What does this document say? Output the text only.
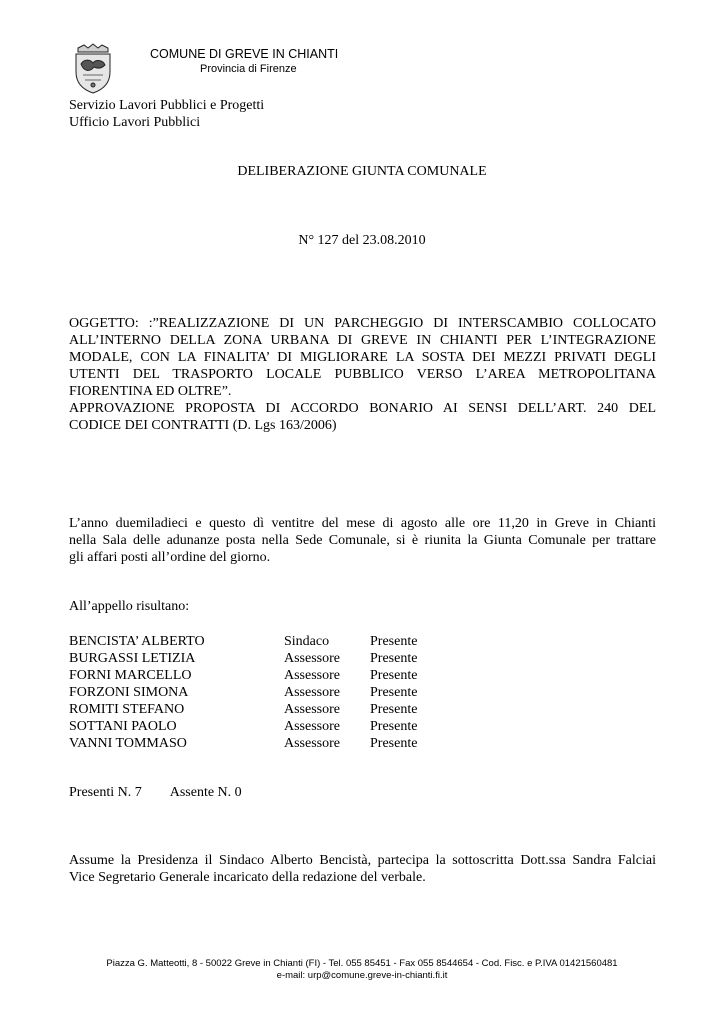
COMUNE DI GREVE IN CHIANTI
Provincia di Firenze
Servizio Lavori Pubblici e Progetti
Ufficio Lavori Pubblici
DELIBERAZIONE GIUNTA COMUNALE
N° 127 del 23.08.2010
OGGETTO: :”REALIZZAZIONE DI UN PARCHEGGIO DI INTERSCAMBIO COLLOCATO
ALL’INTERNO DELLA ZONA URBANA DI GREVE IN CHIANTI PER L’INTEGRAZIONE
MODALE, CON LA FINALITA’ DI MIGLIORARE LA SOSTA DEI MEZZI PRIVATI DEGLI
UTENTI DEL TRASPORTO LOCALE PUBBLICO VERSO L’AREA METROPOLITANA
FIORENTINA ED OLTRE”.
APPROVAZIONE PROPOSTA DI ACCORDO BONARIO AI SENSI DELL’ART. 240 DEL
CODICE DEI CONTRATTI (D. Lgs 163/2006)
L’anno duemiladieci e questo dì ventitre del mese di agosto alle ore 11,20 in Greve in Chianti
nella Sala delle adunanze posta nella Sede Comunale, si è riunita la Giunta Comunale per trattare
gli affari posti all’ordine del giorno.
All’appello risultano:
BENCISTA’ ALBERTO	Sindaco	Presente
BURGASSI LETIZIA	Assessore Presente
FORNI MARCELLO	Assessore Presente
FORZONI SIMONA	Assessore Presente
ROMITI STEFANO	Assessore Presente
SOTTANI PAOLO	Assessore Presente
VANNI TOMMASO	Assessore Presente
Presenti N. 7 Assente N. 0
Assume la Presidenza il Sindaco Alberto Bencistà, partecipa la sottoscritta Dott.ssa Sandra Falciai
Vice Segretario Generale incaricato della redazione del verbale.
Piazza G. Matteotti, 8 - 50022 Greve in Chianti (FI) - Tel. 055 85451 - Fax 055 8544654 - Cod. Fisc. e P.IVA 01421560481
e-mail: urp@comune.greve-in-chianti.fi.it
